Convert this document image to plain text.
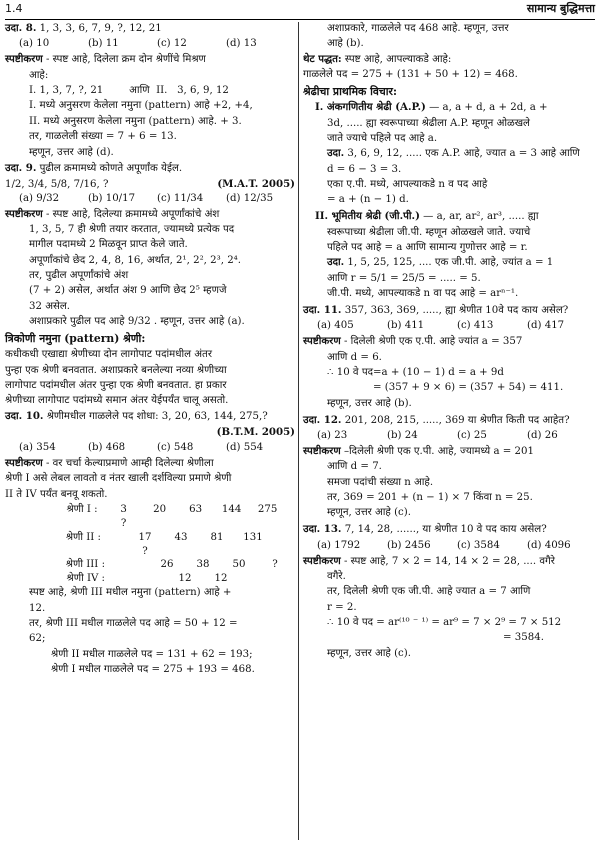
1.4	सामान्य बुद्धिमत्ता

उदा. 8. 1, 3, 3, 6, 7, 9, ?, 12, 21

(a) 10	(b) 11	(c) 12	(d) 13

स्पष्टीकरण - स्पष्ट आहे, दिलेला क्रम दोन श्रेणींचे मिश्रण

आहे:

I. 1, 3, 7, ?, 21        आणि  II.   3, 6, 9, 12

I. मध्ये अनुसरण केलेला नमुना (pattern) आहे +2, +4,

II. मध्ये अनुसरण केलेला नमुना (pattern) आहे. + 3.

तर, गाळलेली संख्या = 7 + 6 = 13.

म्हणून, उत्तर आहे (d).

उदा. 9. पुढील क्रमामध्ये कोणते अपूर्णांक येईल.

1/2, 3/4, 5/8, 7/16, ?	(M.A.T. 2005)
(a) 9/32	(b) 10/17	(c) 11/34	(d) 12/35

स्पष्टीकरण - स्पष्ट आहे, दिलेल्या क्रमामध्ये अपूर्णांकांचे अंश

1, 3, 5, 7 ही श्रेणी तयार करतात, ज्यामध्ये प्रत्येक पद

मागील पदामध्ये 2 मिळवून प्राप्त केले जाते.

अपूर्णांकांचे छेद 2, 4, 8, 16, अर्थात, 2¹, 2², 2³, 2⁴.

तर, पुढील अपूर्णांकांचे अंश

(7 + 2) असेल, अर्थात अंश 9 आणि छेद 2⁵ म्हणजे

32 असेल.

अशाप्रकारे पुढील पद आहे 9/32 . म्हणून, उत्तर आहे (a).

त्रिकोणी नमुना (pattern) श्रेणी:

कधीकधी एखाद्या श्रेणीच्या दोन लागोपाट पदांमधील अंतर

पुन्हा एक श्रेणी बनवतात. अशाप्रकारे बनलेल्या नव्या श्रेणीच्या

लागोपाट पदांमधील अंतर पुन्हा एक श्रेणी बनवतात. हा प्रकार

श्रेणीच्या लागोपाट पदांमध्ये समान अंतर येईपर्यंत चालू असतो.

उदा. 10. श्रेणीमधील गाळलेले पद शोधा: 3, 20, 63, 144, 275,?

(B.T.M. 2005)

(a) 354	(b) 468	(c) 548	(d) 554

स्पष्टीकरण - वर चर्चा केल्याप्रमाणे आम्ही दिलेल्या श्रेणीला

श्रेणी I असे लेबल लावतो व नंतर खाली दर्शविल्या प्रमाणे श्रेणी

II ते IV पर्यंत बनवू शकतो.

श्रेणी I :	3	20 63 144 275?
श्रेणी II :	17 43 81 131?
श्रेणी III :	26 38 50	?
श्रेणी IV :	12 12

स्पष्ट आहे, श्रेणी III मधील नमुना (pattern) आहे +

12.

तर, श्रेणी III मधील गाळलेले पद आहे = 50 + 12 =

62;

श्रेणी II मधील गाळलेले पद = 131 + 62 = 193;

श्रेणी I मधील गाळलेले पद = 275 + 193 = 468.

अशाप्रकारे, गाळलेले पद 468 आहे. म्हणून, उत्तर

आहे (b).

थेट पद्धत: स्पष्ट आहे, आपल्याकडे आहे:

गाळलेले पद = 275 + (131 + 50 + 12) = 468.

श्रेढीचा प्राथमिक विचार:

I. अंकगणितीय श्रेढी (A.P.) — a, a + d, a + 2d, a +

3d, ..... ह्या स्वरूपाच्या श्रेढीला A.P. म्हणून ओळखले

जाते ज्याचे पहिले पद आहे a.

उदा. 3, 6, 9, 12, ..... एक A.P. आहे, ज्यात a = 3 आहे आणि

d = 6 − 3 = 3.

एका ए.पी. मध्ये, आपल्याकडे n व पद आहे

= a + (n − 1) d.

II. भूमितीय श्रेढी (जी.पी.) — a, ar, ar², ar³, ..... ह्या

स्वरूपाच्या श्रेढीला जी.पी. म्हणून ओळखले जाते. ज्याचे

पहिले पद आहे = a आणि सामान्य गुणोत्तर आहे = r.

उदा. 1, 5, 25, 125, .... एक जी.पी. आहे, ज्यांत a = 1

आणि r = 5/1 = 25/5 = ..... = 5.

जी.पी. मध्ये, आपल्याकडे n वा पद आहे = arⁿ⁻¹.

उदा. 11. 357, 363, 369, ....., ह्या श्रेणीत 10वे पद काय असेल?

(a) 405	(b) 411	(c) 413	(d) 417

स्पष्टीकरण - दिलेली श्रेणी एक ए.पी. आहे ज्यांत a = 357

आणि d = 6.

∴ 10 वे पद=a + (10 − 1) d = a + 9d

= (357 + 9 × 6) = (357 + 54) = 411.

म्हणून, उत्तर आहे (b).

उदा. 12. 201, 208, 215, ....., 369 या श्रेणीत किती पद आहेत?

(a) 23	(b) 24	(c) 25	(d) 26

स्पष्टीकरण –दिलेली श्रेणी एक ए.पी. आहे, ज्यामध्ये a = 201

आणि d = 7.

समजा पदांची संख्या n आहे.

तर, 369 = 201 + (n − 1) × 7 किंवा n = 25.

म्हणून, उत्तर आहे (c).

उदा. 13. 7, 14, 28, ......, या श्रेणीत 10 वे पद काय असेल?

(a) 1792	(b) 2456	(c) 3584	(d) 4096

स्पष्टीकरण - स्पष्ट आहे, 7 × 2 = 14, 14 × 2 = 28, .... वगैरे

वगैरे.

तर, दिलेली श्रेणी एक जी.पी. आहे ज्यात a = 7 आणि

r = 2.

∴ 10 वे पद = ar⁽¹⁰ ⁻ ¹⁾ = ar⁹ = 7 × 2⁹ = 7 × 512

= 3584.

म्हणून, उत्तर आहे (c).
